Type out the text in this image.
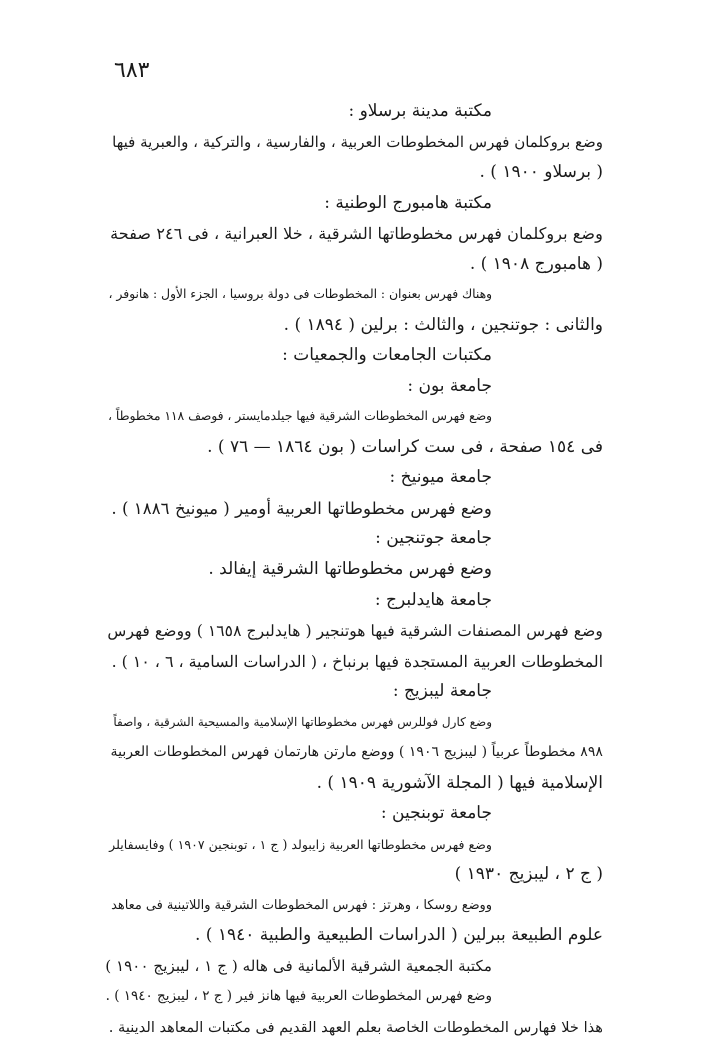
٦٨٣
مكتبة مدينة برسلاو :
وضع بروكلمان فهرس المخطوطات العربية ، والفارسية ، والتركية ، والعبرية فيها
( برسلاو ١٩٠٠ ) .
مكتبة هامبورج الوطنية :
وضع بروكلمان فهرس مخطوطاتها الشرقية ، خلا العبرانية ، فى ٢٤٦ صفحة
( هامبورج ١٩٠٨ ) .
وهناك فهرس بعنوان : المخطوطات فى دولة بروسيا ، الجزء الأول : هانوفر ،
والثانى : جوتنجين ، والثالث : برلين ( ١٨٩٤ ) .
مكتبات الجامعات والجمعيات :
جامعة بون :
وضع فهرس المخطوطات الشرقية فيها جيلدمايستر ، فوصف ١١٨ مخطوطاً ،
فى ١٥٤ صفحة ، فى ست كراسات ( بون ١٨٦٤ — ٧٦ ) .
جامعة ميونيخ :
وضع فهرس مخطوطاتها العربية أومير ( ميونيخ ١٨٨٦ ) .
جامعة جوتنجين :
وضع فهرس مخطوطاتها الشرقية إيفالد .
جامعة هايدلبرج :
وضع فهرس المصنفات الشرقية فيها هوتنجير ( هايدلبرج ١٦٥٨ ) ووضع فهرس
المخطوطات العربية المستجدة فيها برنباخ ، ( الدراسات السامية ، ٦ ، ١٠ ) .
جامعة ليبزيج :
وضع كارل فوللرس فهرس مخطوطاتها الإسلامية والمسيحية الشرقية ، واصفاً
٨٩٨ مخطوطاً عربياً ( ليبزيج ١٩٠٦ ) ووضع مارتن هارتمان فهرس المخطوطات العربية
الإسلامية فيها ( المجلة الآشورية ١٩٠٩ ) .
جامعة توبنجين :
وضع فهرس مخطوطاتها العربية زايبولد ( ج ١ ، توبنجين ١٩٠٧ ) وفايسفايلر
( ج ٢ ، ليبزيج ١٩٣٠ )
ووضع روسكا ، وهرتز : فهرس المخطوطات الشرقية واللاتينية فى معاهد
علوم الطبيعة ببرلين ( الدراسات الطبيعية والطبية ١٩٤٠ ) .
مكتبة الجمعية الشرقية الألمانية فى هاله ( ج ١ ، ليبزيج ١٩٠٠ )
وضع فهرس المخطوطات العربية فيها هانز فير ( ج ٢ ، ليبزيج ١٩٤٠ ) .
هذا خلا فهارس المخطوطات الخاصة بعلم العهد القديم فى مكتبات المعاهد الدينية .
